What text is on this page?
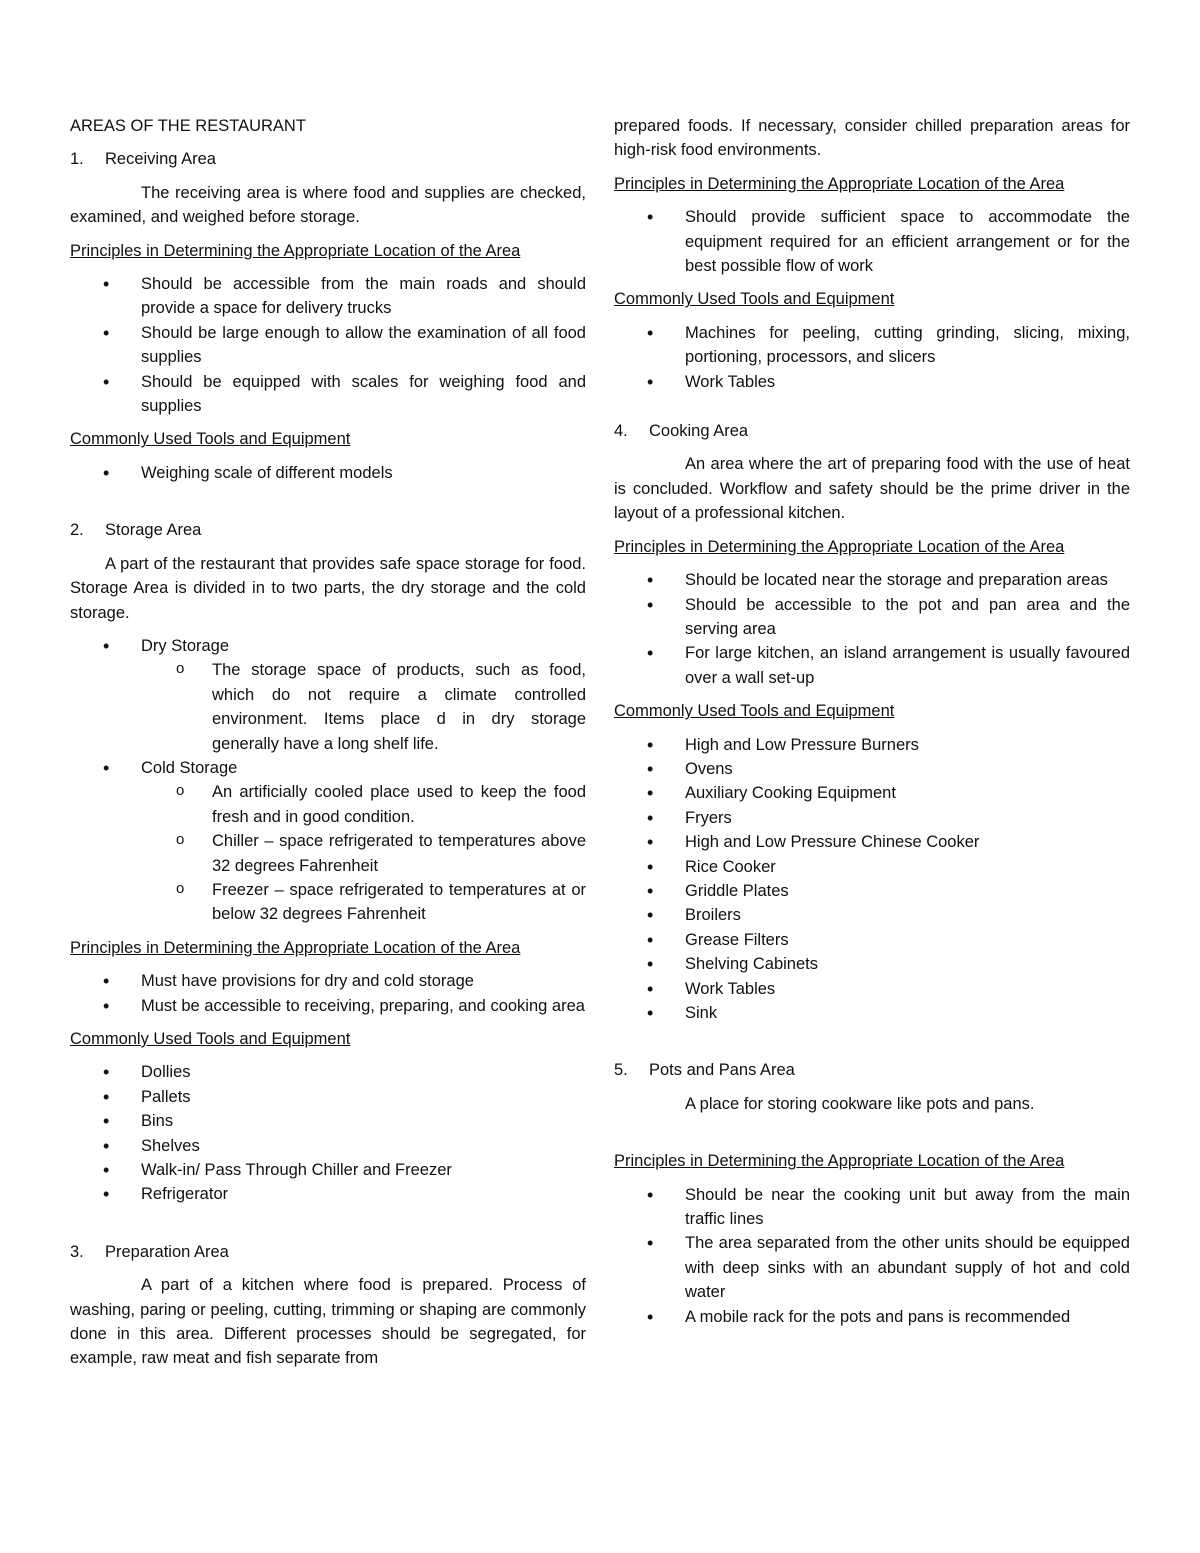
AREAS OF THE RESTAURANT

1.	Receiving Area

The receiving area is where food and supplies are checked, examined, and weighed before storage.

Principles in Determining the Appropriate Location of the Area

• Should be accessible from the main roads and should provide a space for delivery trucks
• Should be large enough to allow the examination of all food supplies
• Should be equipped with scales for weighing food and supplies

Commonly Used Tools and Equipment

• Weighing scale of different models
2.	Storage Area

A part of the restaurant that provides safe space storage for food. Storage Area is divided in to two parts, the dry storage and the cold storage.

• Dry Storage
o The storage space of products, such as food, which do not require a climate controlled environment. Items place d in dry storage generally have a long shelf life.
• Cold Storage
o An artificially cooled place used to keep the food fresh and in good condition.
o Chiller – space refrigerated to temperatures above 32 degrees Fahrenheit
o Freezer – space refrigerated to temperatures at or below 32 degrees Fahrenheit

Principles in Determining the Appropriate Location of the Area

• Must have provisions for dry and cold storage
• Must be accessible to receiving, preparing, and cooking area

Commonly Used Tools and Equipment

• Dollies
• Pallets
• Bins
• Shelves
• Walk-in/ Pass Through Chiller and Freezer
• Refrigerator
3.	Preparation Area

A part of a kitchen where food is prepared. Process of washing, paring or peeling, cutting, trimming or shaping are commonly done in this area. Different processes should be segregated, for example, raw meat and fish separate from

prepared foods. If necessary, consider chilled preparation areas for high-risk food environments.

Principles in Determining the Appropriate Location of the Area

• Should provide sufficient space to accommodate the equipment required for an efficient arrangement or for the best possible flow of work

Commonly Used Tools and Equipment

• Machines for peeling, cutting grinding, slicing, mixing, portioning, processors, and slicers
• Work Tables
4.	Cooking Area

An area where the art of preparing food with the use of heat is concluded. Workflow and safety should be the prime driver in the layout of a professional kitchen.

Principles in Determining the Appropriate Location of the Area

• Should be located near the storage and preparation areas
• Should be accessible to the pot and pan area and the serving area
• For large kitchen, an island arrangement is usually favoured over a wall set-up

Commonly Used Tools and Equipment

• High and Low Pressure Burners
• Ovens
• Auxiliary Cooking Equipment
• Fryers
• High and Low Pressure Chinese Cooker
• Rice Cooker
• Griddle Plates
• Broilers
• Grease Filters
• Shelving Cabinets
• Work Tables
• Sink
5.	Pots and Pans Area

A place for storing cookware like pots and pans.

Principles in Determining the Appropriate Location of the Area

• Should be near the cooking unit but away from the main traffic lines
• The area separated from the other units should be equipped with deep sinks with an abundant supply of hot and cold water
• A mobile rack for the pots and pans is recommended
